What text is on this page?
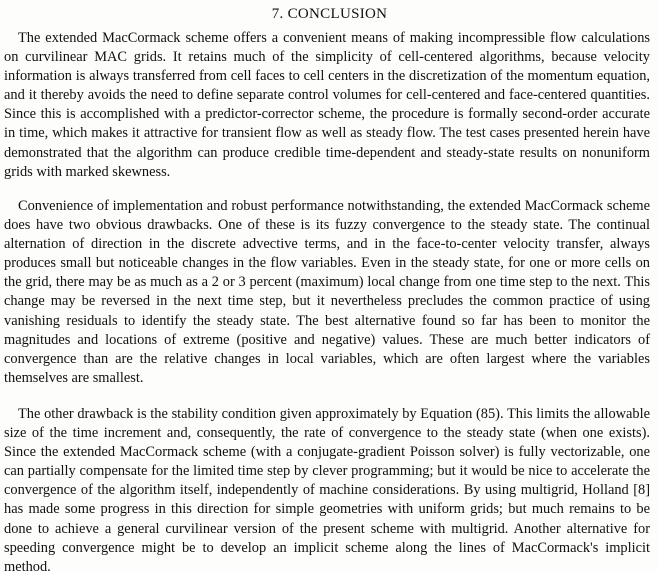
7. CONCLUSION

The extended MacCormack scheme offers a convenient means of making incompressible flow calculations on curvilinear MAC grids. It retains much of the simplicity of cell-centered algorithms, because velocity information is always transferred from cell faces to cell centers in the discretization of the momentum equation, and it thereby avoids the need to define separate control volumes for cell-centered and face-centered quantities. Since this is accomplished with a predictor-corrector scheme, the procedure is formally second-order accurate in time, which makes it attractive for transient flow as well as steady flow. The test cases presented herein have demonstrated that the algorithm can produce credible time-dependent and steady-state results on nonuniform grids with marked skewness.

Convenience of implementation and robust performance notwithstanding, the extended MacCormack scheme does have two obvious drawbacks. One of these is its fuzzy convergence to the steady state. The continual alternation of direction in the discrete advective terms, and in the face-to-center velocity transfer, always produces small but noticeable changes in the flow variables. Even in the steady state, for one or more cells on the grid, there may be as much as a 2 or 3 percent (maximum) local change from one time step to the next. This change may be reversed in the next time step, but it nevertheless precludes the common practice of using vanishing residuals to identify the steady state. The best alternative found so far has been to monitor the magnitudes and locations of extreme (positive and negative) values. These are much better indicators of convergence than are the relative changes in local variables, which are often largest where the variables themselves are smallest.

The other drawback is the stability condition given approximately by Equation (85). This limits the allowable size of the time increment and, consequently, the rate of convergence to the steady state (when one exists). Since the extended MacCormack scheme (with a conjugate-gradient Poisson solver) is fully vectorizable, one can partially compensate for the limited time step by clever programming; but it would be nice to accelerate the convergence of the algorithm itself, independently of machine considerations. By using multigrid, Holland [8] has made some progress in this direction for simple geometries with uniform grids; but much remains to be done to achieve a general curvilinear version of the present scheme with multigrid. Another alternative for speeding convergence might be to develop an implicit scheme along the lines of MacCormack's implicit method.
